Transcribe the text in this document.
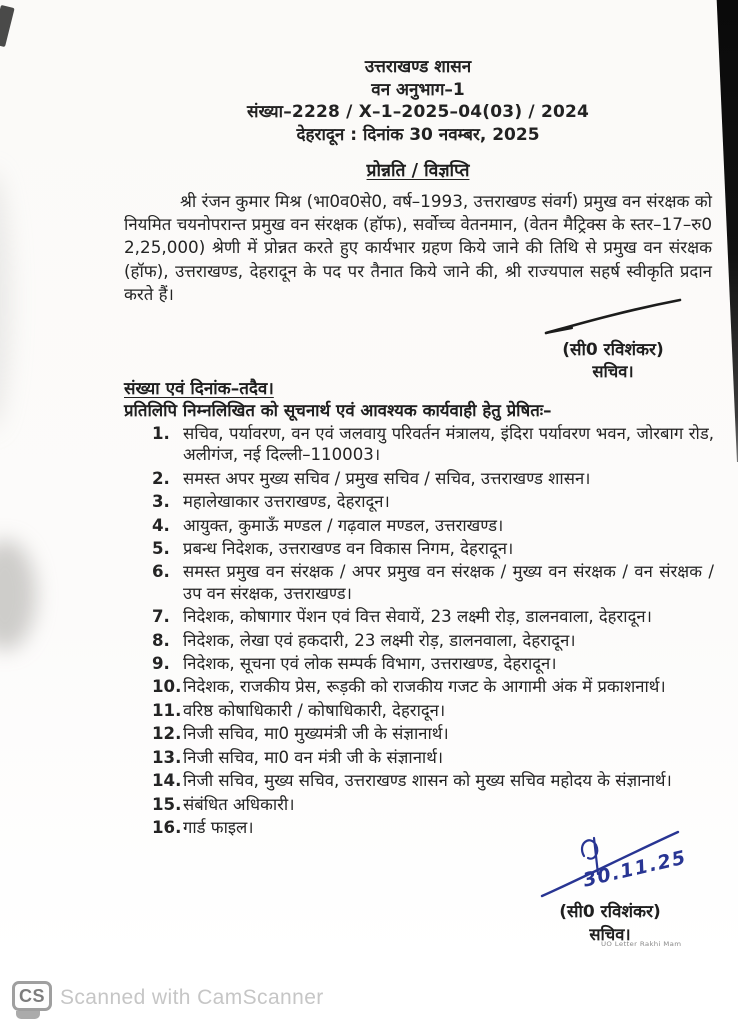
उत्तराखण्ड शासन
वन अनुभाग–1
संख्या–2228 / X–1–2025–04(03) / 2024
देहरादून : दिनांक 30 नवम्बर, 2025
प्रोन्नति / विज्ञप्ति
श्री रंजन कुमार मिश्र (भा0व0से0, वर्ष–1993, उत्तराखण्ड संवर्ग) प्रमुख वन संरक्षक को नियमित चयनोपरान्त प्रमुख वन संरक्षक (हॉफ), सर्वोच्च वेतनमान, (वेतन मैट्रिक्स के स्तर–17–रु0 2,25,000) श्रेणी में प्रोन्नत करते हुए कार्यभार ग्रहण किये जाने की तिथि से प्रमुख वन संरक्षक (हॉफ), उत्तराखण्ड, देहरादून के पद पर तैनात किये जाने की, श्री राज्यपाल सहर्ष स्वीकृति प्रदान करते हैं।
(सी0 रविशंकर)
सचिव।
संख्या एवं दिनांक–तदैव।
प्रतिलिपि निम्नलिखित को सूचनार्थ एवं आवश्यक कार्यवाही हेतु प्रेषितः–
1. सचिव, पर्यावरण, वन एवं जलवायु परिवर्तन मंत्रालय, इंदिरा पर्यावरण भवन, जोरबाग रोड, अलीगंज, नई दिल्ली–110003।
2. समस्त अपर मुख्य सचिव / प्रमुख सचिव / सचिव, उत्तराखण्ड शासन।
3. महालेखाकार उत्तराखण्ड, देहरादून।
4. आयुक्त, कुमाऊँ मण्डल / गढ़वाल मण्डल, उत्तराखण्ड।
5. प्रबन्ध निदेशक, उत्तराखण्ड वन विकास निगम, देहरादून।
6. समस्त प्रमुख वन संरक्षक / अपर प्रमुख वन संरक्षक / मुख्य वन संरक्षक / वन संरक्षक / उप वन संरक्षक, उत्तराखण्ड।
7. निदेशक, कोषागार पेंशन एवं वित्त सेवायें, 23 लक्ष्मी रोड़, डालनवाला, देहरादून।
8. निदेशक, लेखा एवं हकदारी, 23 लक्ष्मी रोड़, डालनवाला, देहरादून।
9. निदेशक, सूचना एवं लोक सम्पर्क विभाग, उत्तराखण्ड, देहरादून।
10. निदेशक, राजकीय प्रेस, रूड़की को राजकीय गजट के आगामी अंक में प्रकाशनार्थ।
11. वरिष्ठ कोषाधिकारी / कोषाधिकारी, देहरादून।
12. निजी सचिव, मा0 मुख्यमंत्री जी के संज्ञानार्थ।
13. निजी सचिव, मा0 वन मंत्री जी के संज्ञानार्थ।
14. निजी सचिव, मुख्य सचिव, उत्तराखण्ड शासन को मुख्य सचिव महोदय के संज्ञानार्थ।
15. संबंधित अधिकारी।
16. गार्ड फाइल।
30.11.25
(सी0 रविशंकर)
सचिव।
UO Letter Rakhi Mam
CS Scanned with CamScanner
